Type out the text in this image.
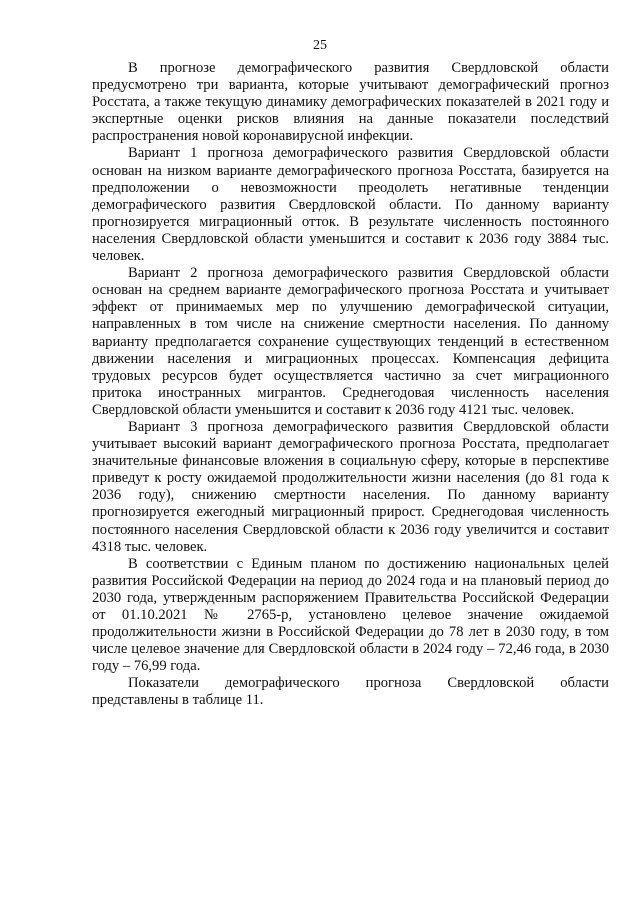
25

В прогнозе демографического развития Свердловской области предусмотрено три варианта, которые учитывают демографический прогноз Росстата, а также текущую динамику демографических показателей в 2021 году и экспертные оценки рисков влияния на данные показатели последствий распространения новой коронавирусной инфекции.

Вариант 1 прогноза демографического развития Свердловской области основан на низком варианте демографического прогноза Росстата, базируется на предположении о невозможности преодолеть негативные тенденции демографического развития Свердловской области. По данному варианту прогнозируется миграционный отток. В результате численность постоянного населения Свердловской области уменьшится и составит к 2036 году 3884 тыс. человек.

Вариант 2 прогноза демографического развития Свердловской области основан на среднем варианте демографического прогноза Росстата и учитывает эффект от принимаемых мер по улучшению демографической ситуации, направленных в том числе на снижение смертности населения. По данному варианту предполагается сохранение существующих тенденций в естественном движении населения и миграционных процессах. Компенсация дефицита трудовых ресурсов будет осуществляется частично за счет миграционного притока иностранных мигрантов. Среднегодовая численность населения Свердловской области уменьшится и составит к 2036 году 4121 тыс. человек.

Вариант 3 прогноза демографического развития Свердловской области учитывает высокий вариант демографического прогноза Росстата, предполагает значительные финансовые вложения в социальную сферу, которые в перспективе приведут к росту ожидаемой продолжительности жизни населения (до 81 года к 2036 году), снижению смертности населения. По данному варианту прогнозируется ежегодный миграционный прирост. Среднегодовая численность постоянного населения Свердловской области к 2036 году увеличится и составит 4318 тыс. человек.

В соответствии с Единым планом по достижению национальных целей развития Российской Федерации на период до 2024 года и на плановый период до 2030 года, утвержденным распоряжением Правительства Российской Федерации от 01.10.2021 № 2765-р, установлено целевое значение ожидаемой продолжительности жизни в Российской Федерации до 78 лет в 2030 году, в том числе целевое значение для Свердловской области в 2024 году – 72,46 года, в 2030 году – 76,99 года.

Показатели демографического прогноза Свердловской области представлены в таблице 11.
